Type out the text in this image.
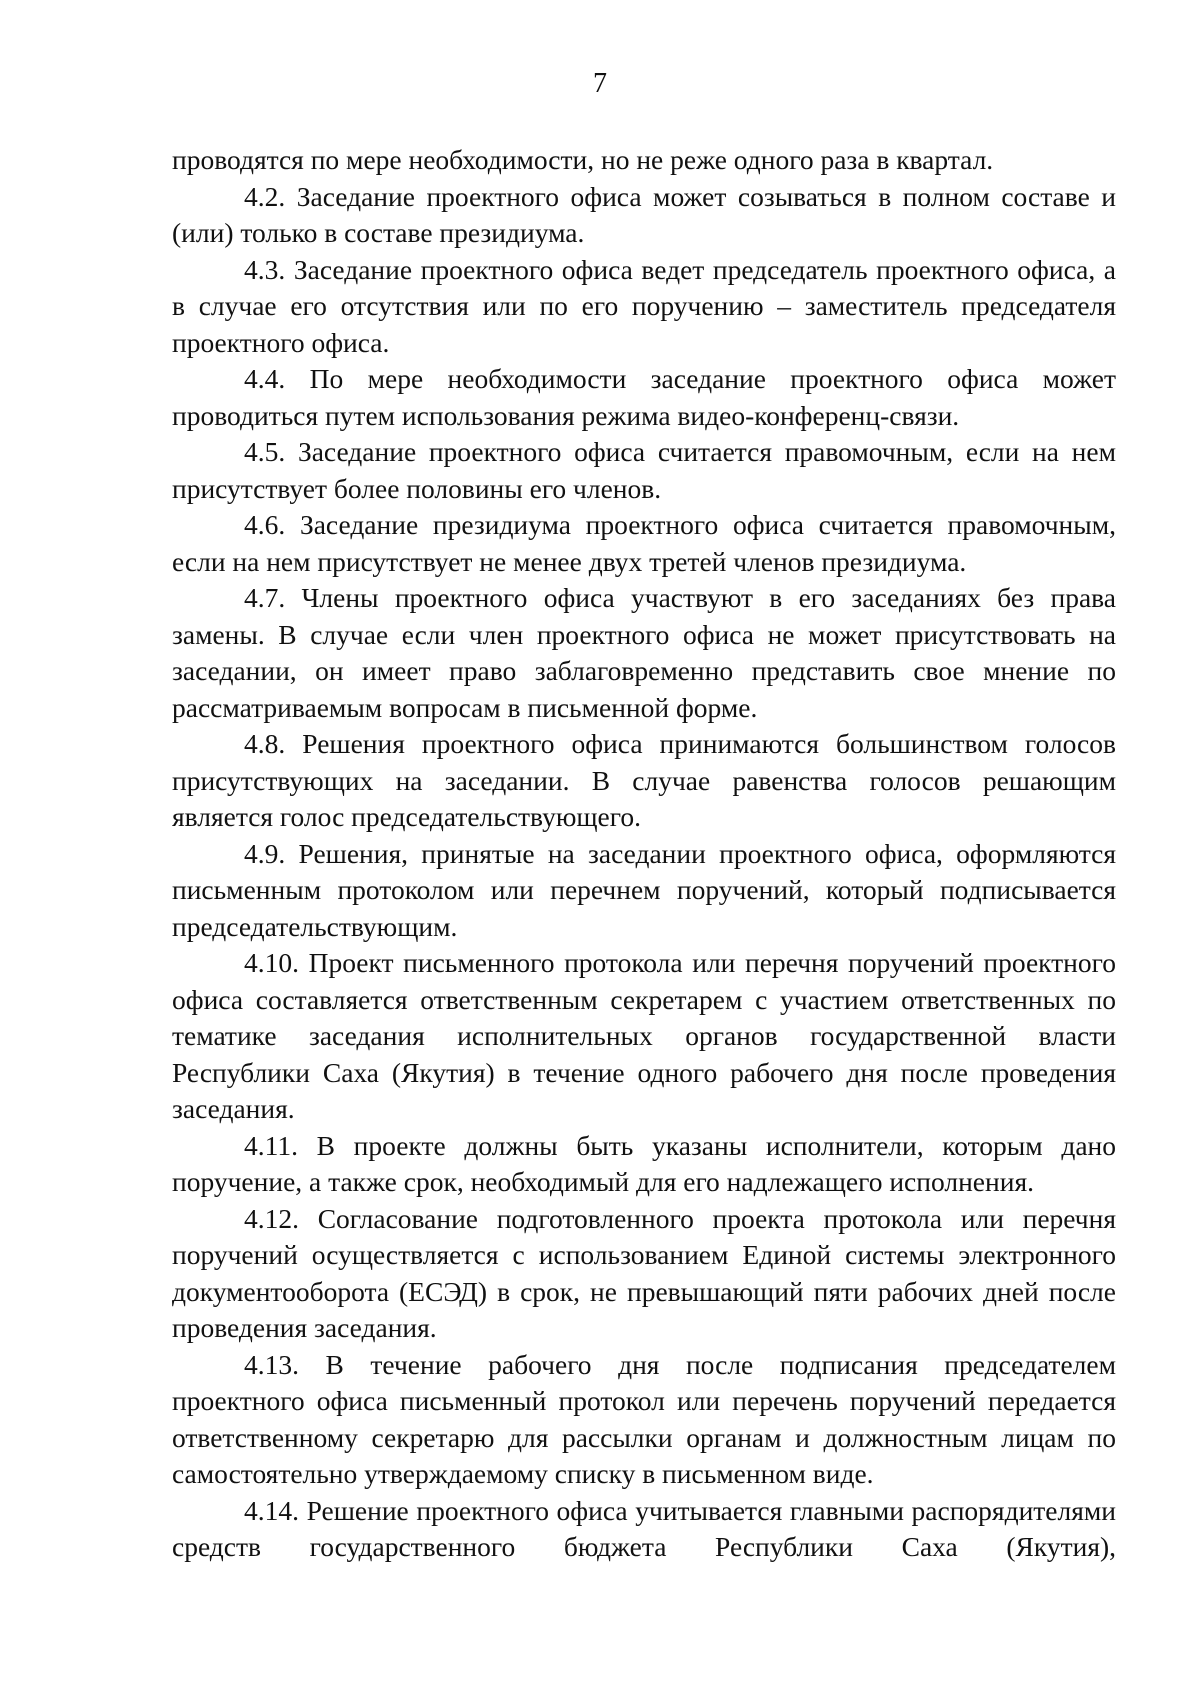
7

проводятся по мере необходимости, но не реже одного раза в квартал.

4.2. Заседание проектного офиса может созываться в полном составе и (или) только в составе президиума.

4.3. Заседание проектного офиса ведет председатель проектного офиса, а в случае его отсутствия или по его поручению – заместитель председателя проектного офиса.

4.4. По мере необходимости заседание проектного офиса может проводиться путем использования режима видео-конференц-связи.

4.5. Заседание проектного офиса считается правомочным, если на нем присутствует более половины его членов.

4.6. Заседание президиума проектного офиса считается правомочным, если на нем присутствует не менее двух третей членов президиума.

4.7. Члены проектного офиса участвуют в его заседаниях без права замены. В случае если член проектного офиса не может присутствовать на заседании, он имеет право заблаговременно представить свое мнение по рассматриваемым вопросам в письменной форме.

4.8. Решения проектного офиса принимаются большинством голосов присутствующих на заседании. В случае равенства голосов решающим является голос председательствующего.

4.9. Решения, принятые на заседании проектного офиса, оформляются письменным протоколом или перечнем поручений, который подписывается председательствующим.

4.10. Проект письменного протокола или перечня поручений проектного офиса составляется ответственным секретарем с участием ответственных по тематике заседания исполнительных органов государственной власти Республики Саха (Якутия) в течение одного рабочего дня после проведения заседания.

4.11. В проекте должны быть указаны исполнители, которым дано поручение, а также срок, необходимый для его надлежащего исполнения.

4.12. Согласование подготовленного проекта протокола или перечня поручений осуществляется с использованием Единой системы электронного документооборота (ЕСЭД) в срок, не превышающий пяти рабочих дней после проведения заседания.

4.13. В течение рабочего дня после подписания председателем проектного офиса письменный протокол или перечень поручений передается ответственному секретарю для рассылки органам и должностным лицам по самостоятельно утверждаемому списку в письменном виде.

4.14. Решение проектного офиса учитывается главными распорядителями средств государственного бюджета Республики Саха (Якутия),
